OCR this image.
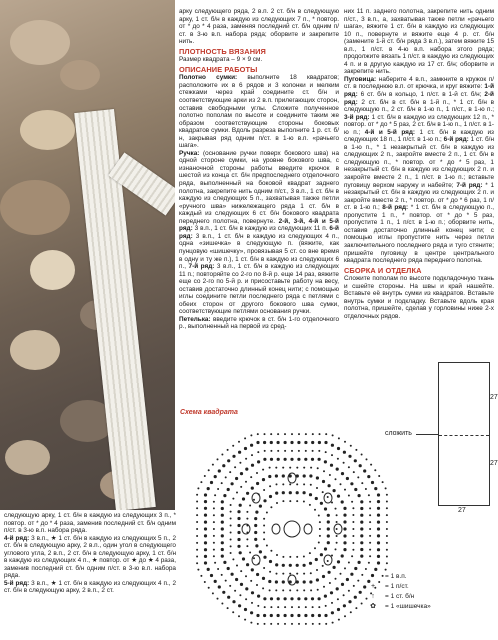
арку следующего ряда, 2 в.п. 2 ст. б/н в следующую арку, 1 ст. б/н в каждую из следующих 7 п., * повтор. от * до * 4 раза, заменяя последний ст. б/н одним п/ст. в 3-ю в.п. набора ряда; оборвите и закрепите нить.

ПЛОТНОСТЬ ВЯЗАНИЯ

Размер квадрата – 9 × 9 см.

ОПИСАНИЕ РАБОТЫ

Полотно сумки: выполните 18 квадратов; расположите их в 6 рядов и 3 колонки и мелким стежками через край соедините ст. б/н и соответствующие арки из 2 в.п. прилегающих сторон, оставив свободными углы. Сложите полученное полотно пополам по высоте и соедините таким же образом соответствующие стороны боковых квадратов сумки. Вдоль разреза выполните 1 р. ст. б/н, закрывая ряд одним п/ст. в 1-ю в.п. «рачьего шага».

Ручка: (основание ручки поверх бокового шва) на одной стороне сумки, на уровне бокового шва, с изнаночной стороны работы введите крючок в шестой из конца ст. б/н предпоследнего отделочного ряда, выполненный на боковой квадрат заднего полотна, закрепите нить одним п/ст., 3 в.п., 1 ст. б/н в каждую из следующих 5 п., захватывая также петли «ручного шва» нижележащего ряда 1 ст. б/н в каждый из следующих 6 ст. б/н бокового квадрата переднего полотна, повернуте. 2-й, 3-й, 4-й и 5-й ряд: 3 в.п., 1 ст. б/н в каждую из следующих 11 п. 6-й ряд: 3 в.п., 1 ст. б/н в каждую из следующих 4 п., одна «зишечка» в следующую п. (вяжите, как пунцовую «шишечку», провязывая 5 ст. со вне время в одну и ту же п.), 1 ст. б/н в каждую из следующих 6 п., 7-й ряд: 3 в.п., 1 ст. б/н в каждую из следующих 11 п.; повторяйте со 2-го по 8-й р. еще 14 раз, вяжите еще со 2-го по 5-й р. и присоставьте работу на весу, оставив достаточно длинный конец нити; с помощью иглы соедините петли последнего ряда с петлями с обеих сторон от другого бокового шва сумки, соответствующие петлями основания ручки.

Петелька: введите крючок в ст. б/н 1-го отделочного р., выполненный на первой из сред-

них 11 п. заднего полотна, закрепите нить одним п/ст., 3 в.п., а, захватывая также петли «рачьего шага», вяжите 1 ст. б/н в каждую из следующих 10 п., повернуте и вяжите еще 4 р. ст. б/н (замените 1-й ст. б/н ряда 3 в.п.), затем вяжите 15 в.п., 1 п/ст. в 4-ю в.п. набора этого ряда; продолжите вязать 1 п/ст. в каждую из следующих 4 п. и в другую каждую из 17 ст. б/н; оборвите и закрепите нить.

Пуговица: наберите 4 в.п., замкните в кружок п/ст. в последнюю в.п. от крючка, и круг вяжите: 1-й ряд: 6 ст. б/н в кольцо, 1 п/ст. в 1-й ст. б/н; 2-й ряд: 2 ст. б/н в ст. б/н в 1-й п., * 1 ст. б/н в следующую п., 2 ст. б/н в 1-ю п., 1 п/ст., в 1-ю п.; 3-й ряд: 1 ст. б/н в каждую из следующих 12 п., * повтор. от * до * 5 раз, 2 ст. б/н в 1-ю п., 1 п/ст. в 1-ю п.; 4-й и 5-й ряд: 1 ст. б/н в каждую из следующих 18 п., 1 п/ст. в 1-ю п.; 6-й ряд: 1 ст. б/н в 1-ю п., * 1 незакрытый ст. б/н в каждую из следующих 2 п., закройте вместе 2 п., 1 ст. б/н в следующую п., * повтор. от * до * 5 раз, 1 незакрытый ст. б/н в каждую из следующих 2 п. и закройте вместе 2 п., 1 п/ст. в 1-ю п.; вставьте пуговицу верхом наружу и набейте; 7-й ряд: * 1 незакрытый ст. б/н в каждую из следующих 2 п. и закройте вместе 2 п., * повтор. от * до * 6 раз, 1 п/ст. в 1-ю п.; 8-й ряд: * 1 ст. б/н в следующую п., пропустите 1 п., * повтор. от * до * 5 раз, пропустите 1 п., 1 п/ст. в 1-ю п.; оборвите нить, оставив достаточно длинный конец нити; с помощью иглы пропустите нить через петли заключительного последнего ряда и туго стяните; пришейте пуговицу в центре центрального квадрата последнего ряда переднего полотна.

СБОРКА И ОТДЕЛКА

Сложите пополам по высоте подкладочную ткань и сшейте стороны. На швы и край нашейте. Вставьте её внутрь сумки из квадратов. Вставьте внутрь сумки и подкладку. Вставьте вдоль края полотна, пришейте, сделав у горловины ниже 2-х отделочных рядов.

следующую арку, 1 ст. б/н в каждую из следующих 3 п., * повтор. от * до * 4 раза, заменив последний ст. б/н одним п/ст. в 3-ю в.п. набора ряда.

4-й ряд: 3 в.п., ★ 1 ст. б/н в каждую из следующих 5 п., 2 ст. б/н в следующую арку, 2 в.п., один угол в следующего углового угла, 2 в.п., 2 ст. б/н в следующую арку, 1 ст. б/н в каждую из следующих 4 п., ★ повтор. от ★ до ★ 4 раза, заменив последний ст. б/н одним п/ст. в 3-ю в.п. набора ряда.

5-й ряд: 3 в.п., ★ 1 ст. б/н в каждую из следующих 4 п., 2 ст. б/н в следующую арку, 2 в.п., 2 ст.

Схема квадрата
сложить
27
27
27
•	= 1 в.п.
+	= 1 п/ст.
↑	= 1 ст. б/н
✿	= 1 «шишечка»
